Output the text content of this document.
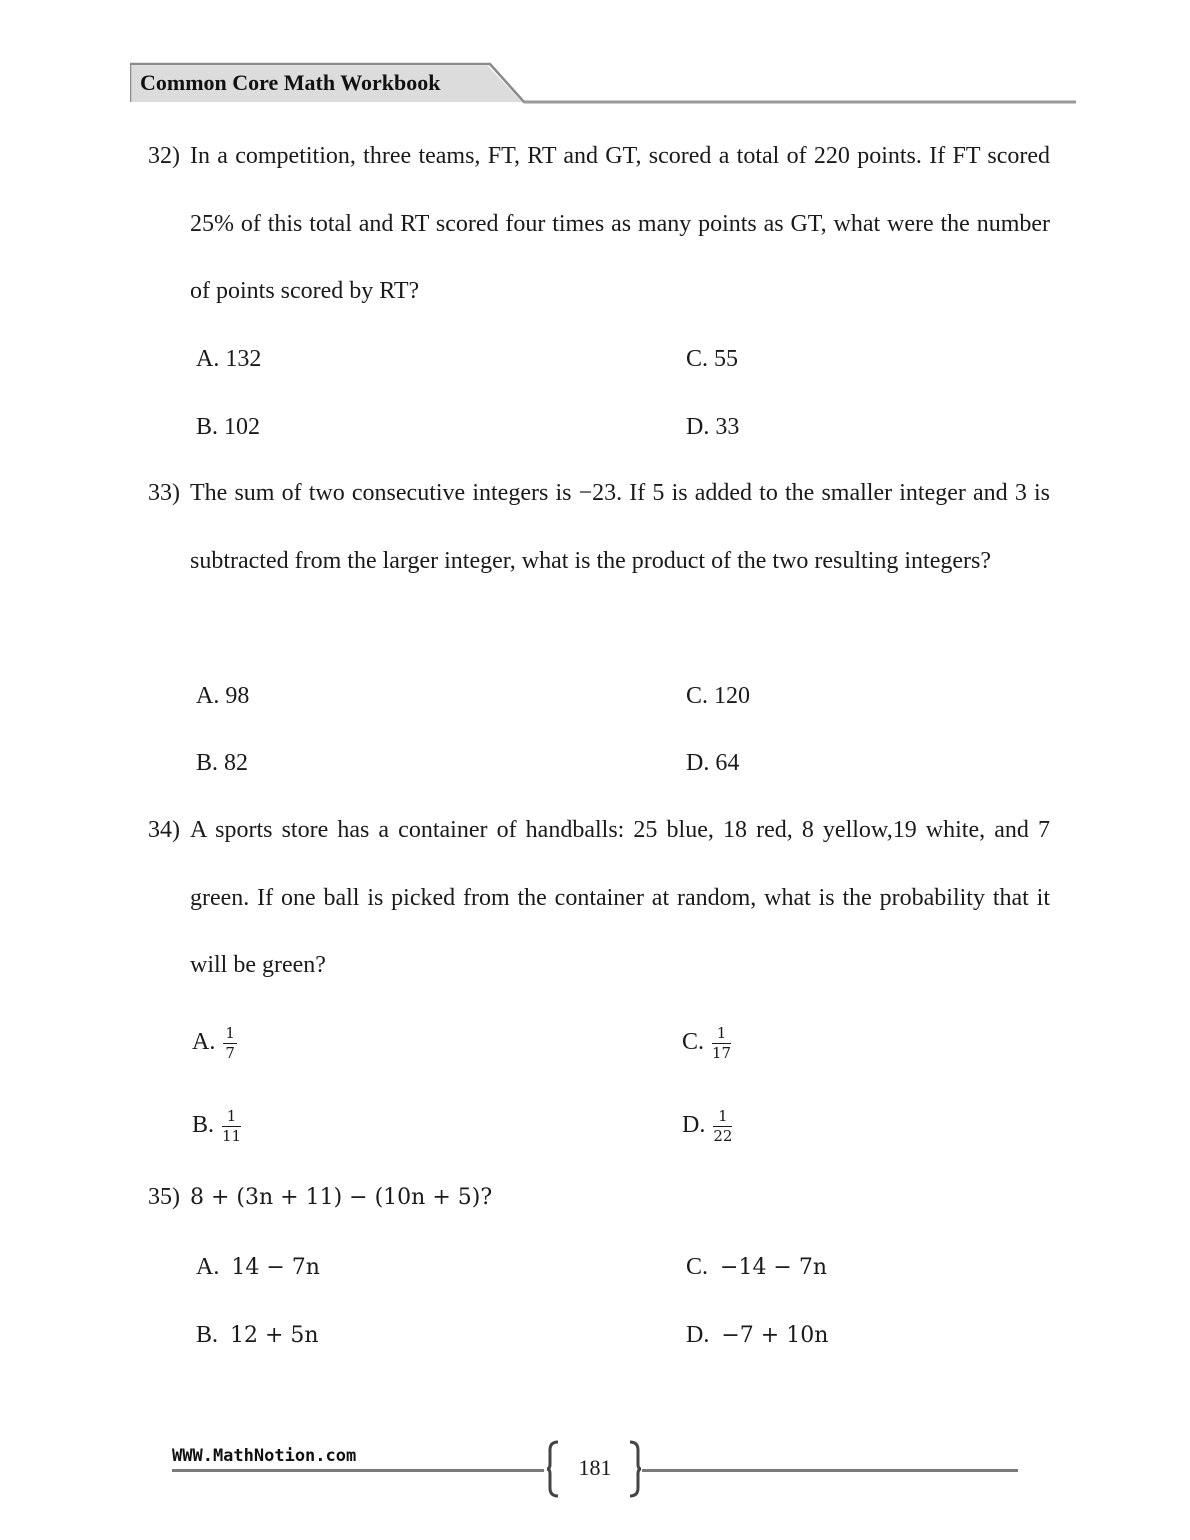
Common Core Math Workbook
32) In a competition, three teams, FT, RT and GT, scored a total of 220 points. If FT scored 25% of this total and RT scored four times as many points as GT, what were the number of points scored by RT?
A. 132
B. 102
C. 55
D. 33
33) The sum of two consecutive integers is −23. If 5 is added to the smaller integer and 3 is subtracted from the larger integer, what is the product of the two resulting integers?
A. 98
B. 82
C. 120
D. 64
34) A sports store has a container of handballs: 25 blue, 18 red, 8 yellow,19 white, and 7 green. If one ball is picked from the container at random, what is the probability that it will be green?
A. $\frac{1}{7}$
B. $\frac{1}{11}$
C. $\frac{1}{17}$
D. $\frac{1}{22}$
35) 8 + (3n + 11) − (10n + 5)?
A. 14 − 7n
B. 12 + 5n
C. −14 − 7n
D. −7 + 10n
WWW.MathNotion.com	181
